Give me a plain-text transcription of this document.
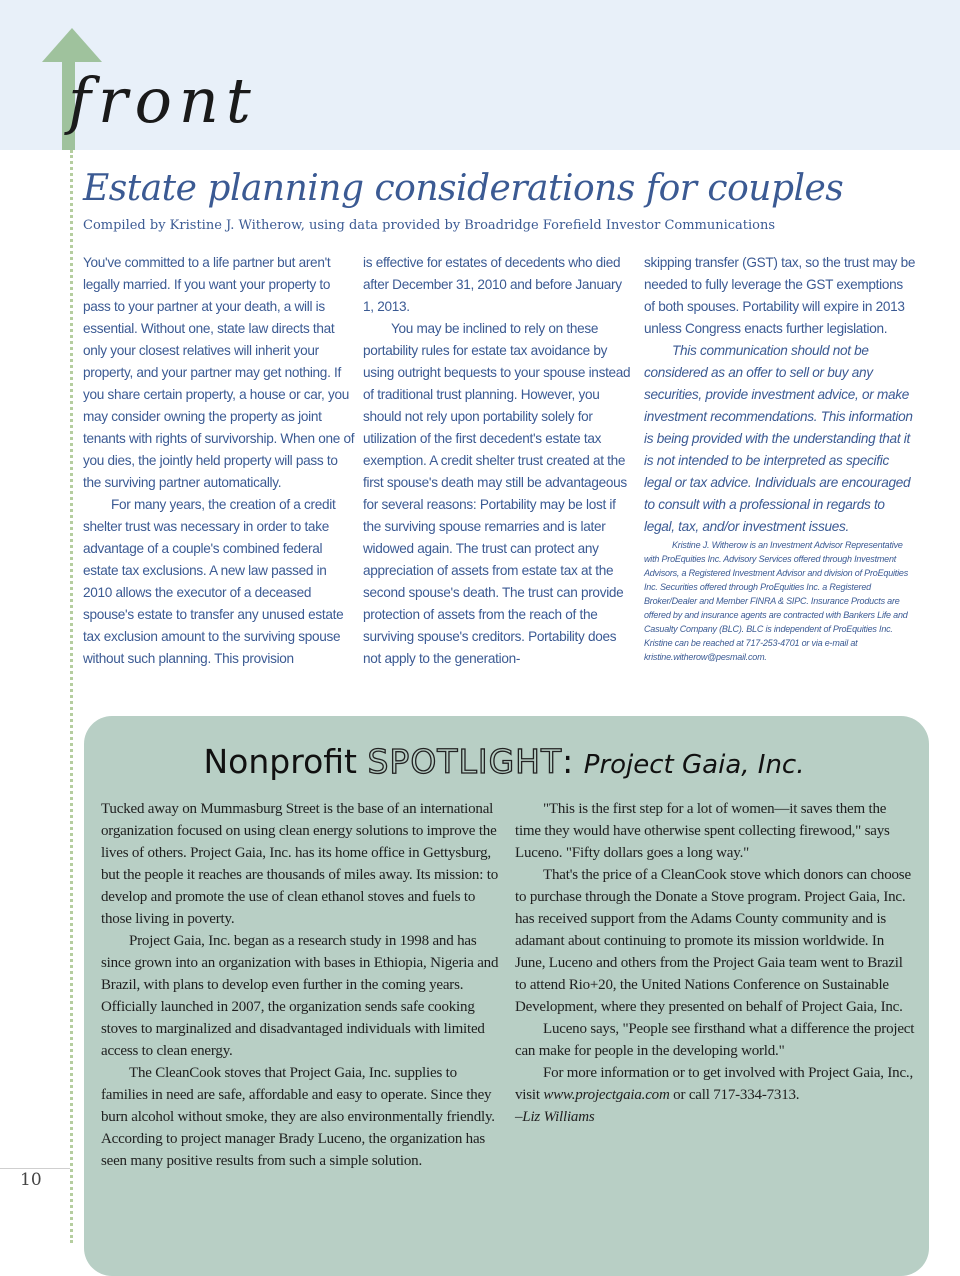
front
10
Estate planning considerations for couples
Compiled by Kristine J. Witherow, using data provided by Broadridge Forefield Investor Communications

You've committed to a life partner but aren't legally married. If you want your property to pass to your partner at your death, a will is essential. Without one, state law directs that only your closest relatives will inherit your property, and your partner may get nothing. If you share certain property, a house or car, you may consider owning the property as joint tenants with rights of survivorship. When one of you dies, the jointly held property will pass to the surviving partner automatically.

For many years, the creation of a credit shelter trust was necessary in order to take advantage of a couple's combined federal estate tax exclusions. A new law passed in 2010 allows the executor of a deceased spouse's estate to transfer any unused estate tax exclusion amount to the surviving spouse without such planning. This provision

is effective for estates of decedents who died after December 31, 2010 and before January 1, 2013.

You may be inclined to rely on these portability rules for estate tax avoidance by using outright bequests to your spouse instead of traditional trust planning. However, you should not rely upon portability solely for utilization of the first decedent's estate tax exemption. A credit shelter trust created at the first spouse's death may still be advantageous for several reasons: Portability may be lost if the surviving spouse remarries and is later widowed again. The trust can protect any appreciation of assets from estate tax at the second spouse's death. The trust can provide protection of assets from the reach of the surviving spouse's creditors. Portability does not apply to the generation-

skipping transfer (GST) tax, so the trust may be needed to fully leverage the GST exemptions of both spouses. Portability will expire in 2013 unless Congress enacts further legislation.

This communication should not be considered as an offer to sell or buy any securities, provide investment advice, or make investment recommendations. This information is being provided with the understanding that it is not intended to be interpreted as specific legal or tax advice. Individuals are encouraged to consult with a professional in regards to legal, tax, and/or investment issues.

Kristine J. Witherow is an Investment Advisor Representative with ProEquities Inc. Advisory Services offered through Investment Advisors, a Registered Investment Advisor and division of ProEquities Inc. Securities offered through ProEquities Inc. a Registered Broker/Dealer and Member FINRA & SIPC. Insurance Products are offered by and insurance agents are contracted with Bankers Life and Casualty Company (BLC). BLC is independent of ProEquities Inc. Kristine can be reached at 717-253-4701 or via e-mail at kristine.witherow@pesmail.com.

Nonprofit SPOTLIGHT: Project Gaia, Inc.

Tucked away on Mummasburg Street is the base of an international organization focused on using clean energy solutions to improve the lives of others. Project Gaia, Inc. has its home office in Gettysburg, but the people it reaches are thousands of miles away. Its mission: to develop and promote the use of clean ethanol stoves and fuels to those living in poverty.

Project Gaia, Inc. began as a research study in 1998 and has since grown into an organization with bases in Ethiopia, Nigeria and Brazil, with plans to develop even further in the coming years. Officially launched in 2007, the organization sends safe cooking stoves to marginalized and disadvantaged individuals with limited access to clean energy.

The CleanCook stoves that Project Gaia, Inc. supplies to families in need are safe, affordable and easy to operate. Since they burn alcohol without smoke, they are also environmentally friendly. According to project manager Brady Luceno, the organization has seen many positive results from such a simple solution.

"This is the first step for a lot of women—it saves them the time they would have otherwise spent collecting firewood," says Luceno. "Fifty dollars goes a long way."

That's the price of a CleanCook stove which donors can choose to purchase through the Donate a Stove program. Project Gaia, Inc. has received support from the Adams County community and is adamant about continuing to promote its mission worldwide. In June, Luceno and others from the Project Gaia team went to Brazil to attend Rio+20, the United Nations Conference on Sustainable Development, where they presented on behalf of Project Gaia, Inc.

Luceno says, "People see firsthand what a difference the project can make for people in the developing world."

For more information or to get involved with Project Gaia, Inc., visit www.projectgaia.com or call 717-334-7313.

–Liz Williams
